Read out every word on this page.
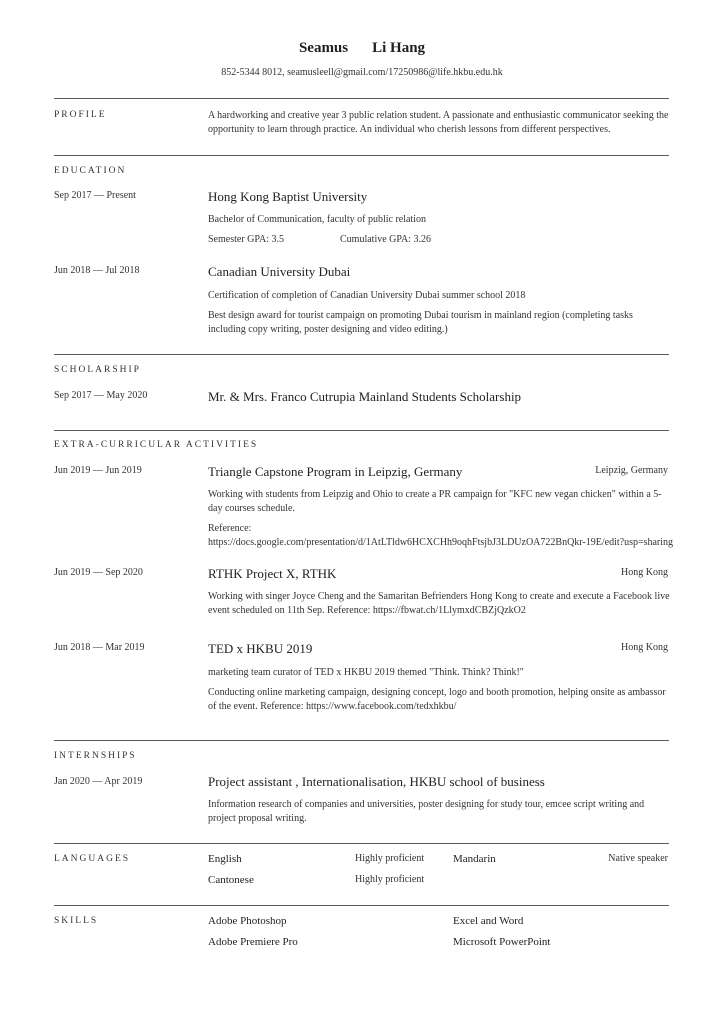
Seamus Li Hang
852-5344 8012, seamusleell@gmail.com/17250986@life.hkbu.edu.hk
PROFILE	A hardworking and creative year 3 public relation student. A passionate and enthusiastic communicator seeking the opportunity to learn through practice. An individual who cherish lessons from different perspectives.
EDUCATION
Sep 2017 — Present	Hong Kong Baptist University
Bachelor of Communication, faculty of public relation
Semester GPA: 3.5	Cumulative GPA: 3.26
Jun 2018 — Jul 2018	Canadian University Dubai
Certification of completion of Canadian University Dubai summer school 2018
Best design award for tourist campaign on promoting Dubai tourism in mainland region (completing tasks including copy writing, poster designing and video editing.)
SCHOLARSHIP
Sep 2017 — May 2020	Mr. & Mrs. Franco Cutrupia Mainland Students Scholarship
EXTRA-CURRICULAR ACTIVITIES
Jun 2019 — Jun 2019	Triangle Capstone Program in Leipzig, Germany	Leipzig, Germany
Working with students from Leipzig and Ohio to create a PR campaign for "KFC new vegan chicken" within a 5-day courses schedule.
Reference:
https://docs.google.com/presentation/d/1AtLTldw6HCXCHh9oqhFtsjbJ3LDUzOA722BnQkr-19E/edit?usp=sharing
Jun 2019 — Sep 2020	RTHK Project X, RTHK	Hong Kong
Working with singer Joyce Cheng and the Samaritan Befrienders Hong Kong to create and execute a Facebook live event scheduled on 11th Sep. Reference: https://fbwat.ch/1LlymxdCBZjQzkO2
Jun 2018 — Mar 2019	TED x HKBU 2019	Hong Kong
marketing team curator of TED x HKBU 2019 themed "Think. Think? Think!"
Conducting online marketing campaign, designing concept, logo and booth promotion, helping onsite as ambassor of the event. Reference: https://www.facebook.com/tedxhkbu/
INTERNSHIPS
Jan 2020 — Apr 2019	Project assistant , Internationalisation, HKBU school of business
Information research of companies and universities, poster designing for study tour, emcee script writing and project proposal writing.
LANGUAGES	English	Highly proficient	Mandarin	Native speaker
Cantonese	Highly proficient
SKILLS	Adobe Photoshop	Excel and Word
Adobe Premiere Pro	Microsoft PowerPoint
